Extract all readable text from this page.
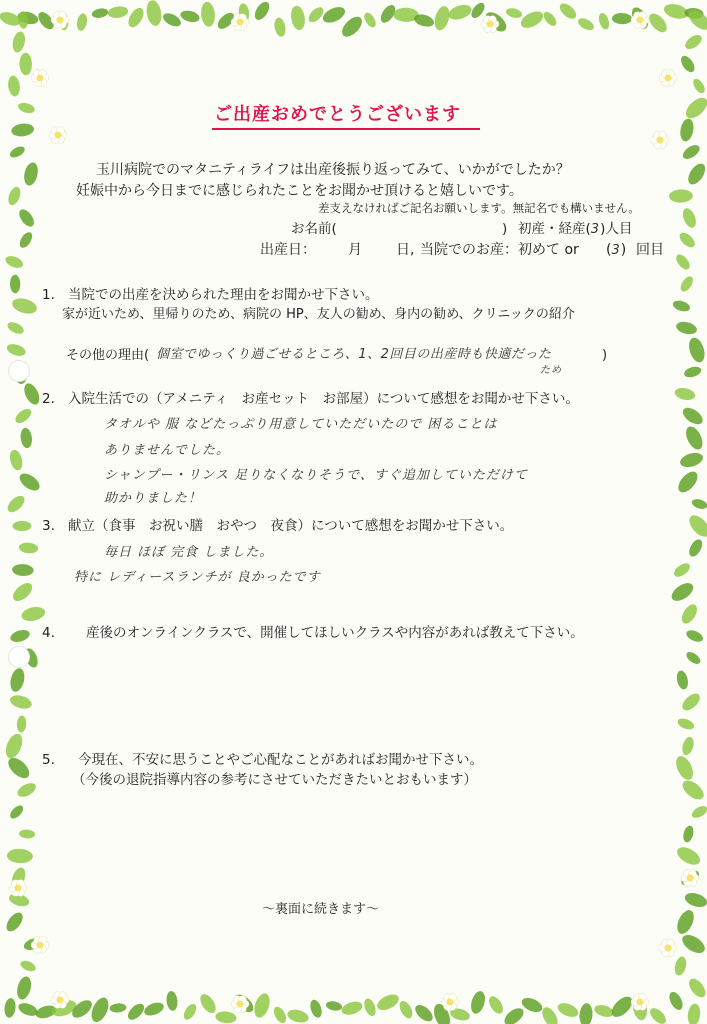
ご出産おめでとうございます
玉川病院でのマタニティライフは出産後振り返ってみて、いかがでしたか？
妊娠中から今日までに感じられたことをお聞かせ頂けると嬉しいです。
差支えなければご記名お願いします。無記名でも構いません。
お名前(	) 初産・経産(3)人目
出産日： 月 日, 当院でのお産：初めて or (3) 回目
1. 当院での出産を決められた理由をお聞かせ下さい。
家が近いため、里帰りのため、病院の HP、友人の勧め、身内の勧め、クリニックの紹介
その他の理由( 個室でゆっくり過ごせるところ、1、2回目の出産時も快適だった
ため
)
2. 入院生活での（アメニティ　お産セット　お部屋）について感想をお聞かせ下さい。
タオルや 服 などたっぷり用意していただいたので 困ることは
ありませんでした。
シャンプー・リンス 足りなくなりそうで、すぐ追加していただけて
助かりました！
3. 献立（食事　お祝い膳　おやつ　夜食）について感想をお聞かせ下さい。
毎日 ほぼ 完食 しました。
特に レディースランチが 良かったです
4. 産後のオンラインクラスで、開催してほしいクラスや内容があれば教えて下さい。
5. 今現在、不安に思うことやご心配なことがあればお聞かせ下さい。
（今後の退院指導内容の参考にさせていただきたいとおもいます）
〜裏面に続きます〜
